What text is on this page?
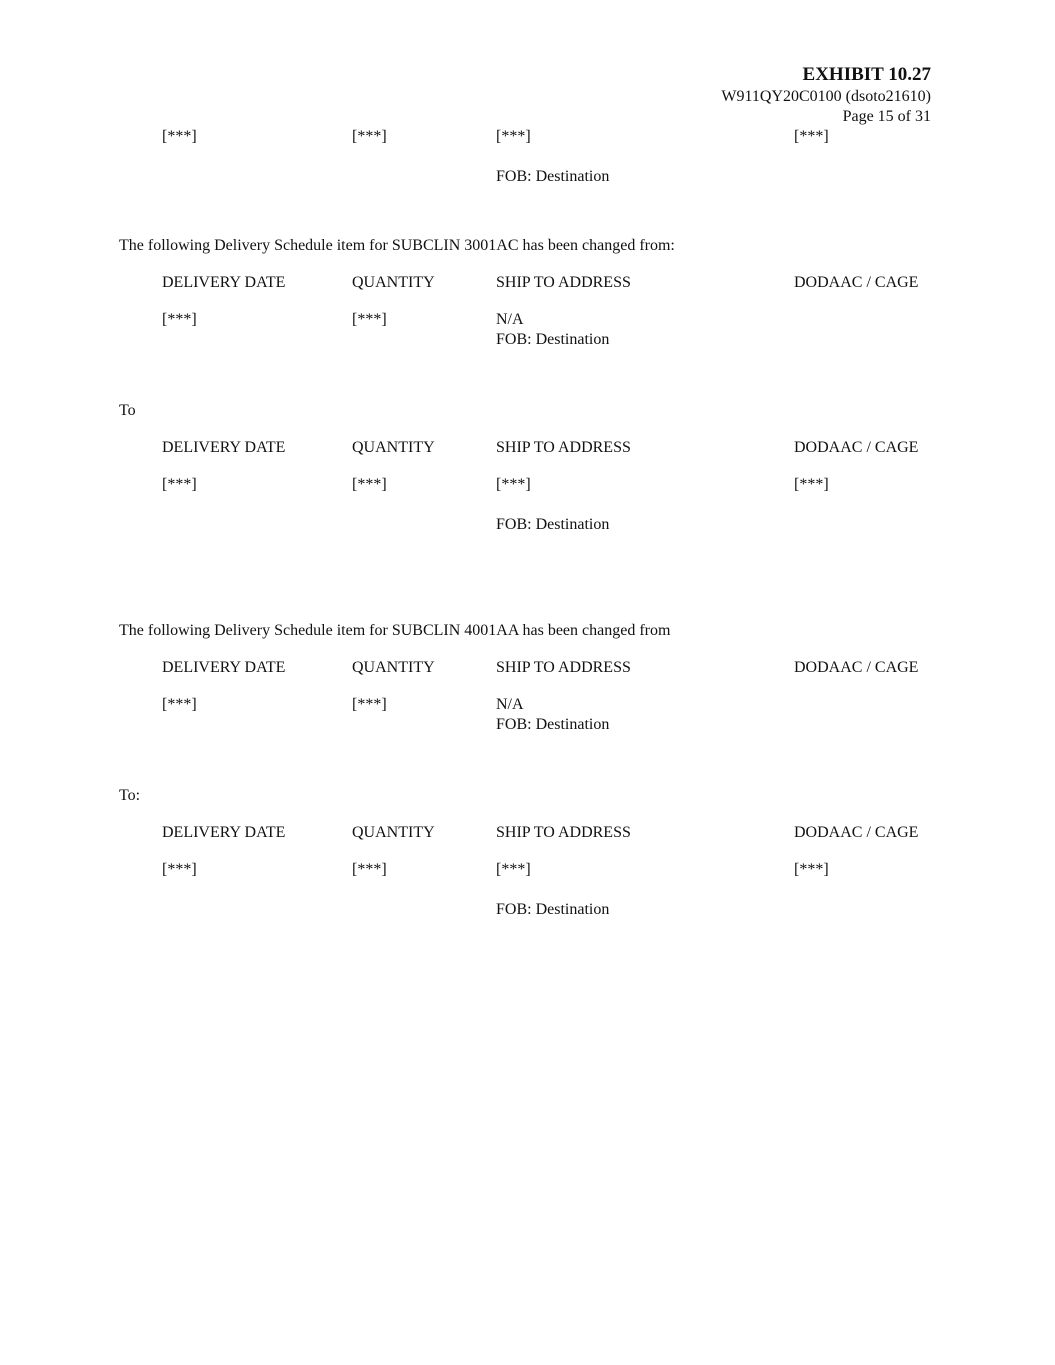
EXHIBIT 10.27
W911QY20C0100 (dsoto21610)
Page 15 of 31
[***]	[***]	[***]	[***]
FOB: Destination
The following Delivery Schedule item for SUBCLIN 3001AC has been changed from:
DELIVERY DATE	QUANTITY	SHIP TO ADDRESS	DODAAC / CAGE
[***]	[***]	N/A
FOB: Destination
To
DELIVERY DATE	QUANTITY	SHIP TO ADDRESS	DODAAC / CAGE
[***]	[***]	[***]	[***]
FOB: Destination
The following Delivery Schedule item for SUBCLIN 4001AA has been changed from
DELIVERY DATE	QUANTITY	SHIP TO ADDRESS	DODAAC / CAGE
[***]	[***]	N/A
FOB: Destination
To:
DELIVERY DATE	QUANTITY	SHIP TO ADDRESS	DODAAC / CAGE
[***]	[***]	[***]	[***]
FOB: Destination
